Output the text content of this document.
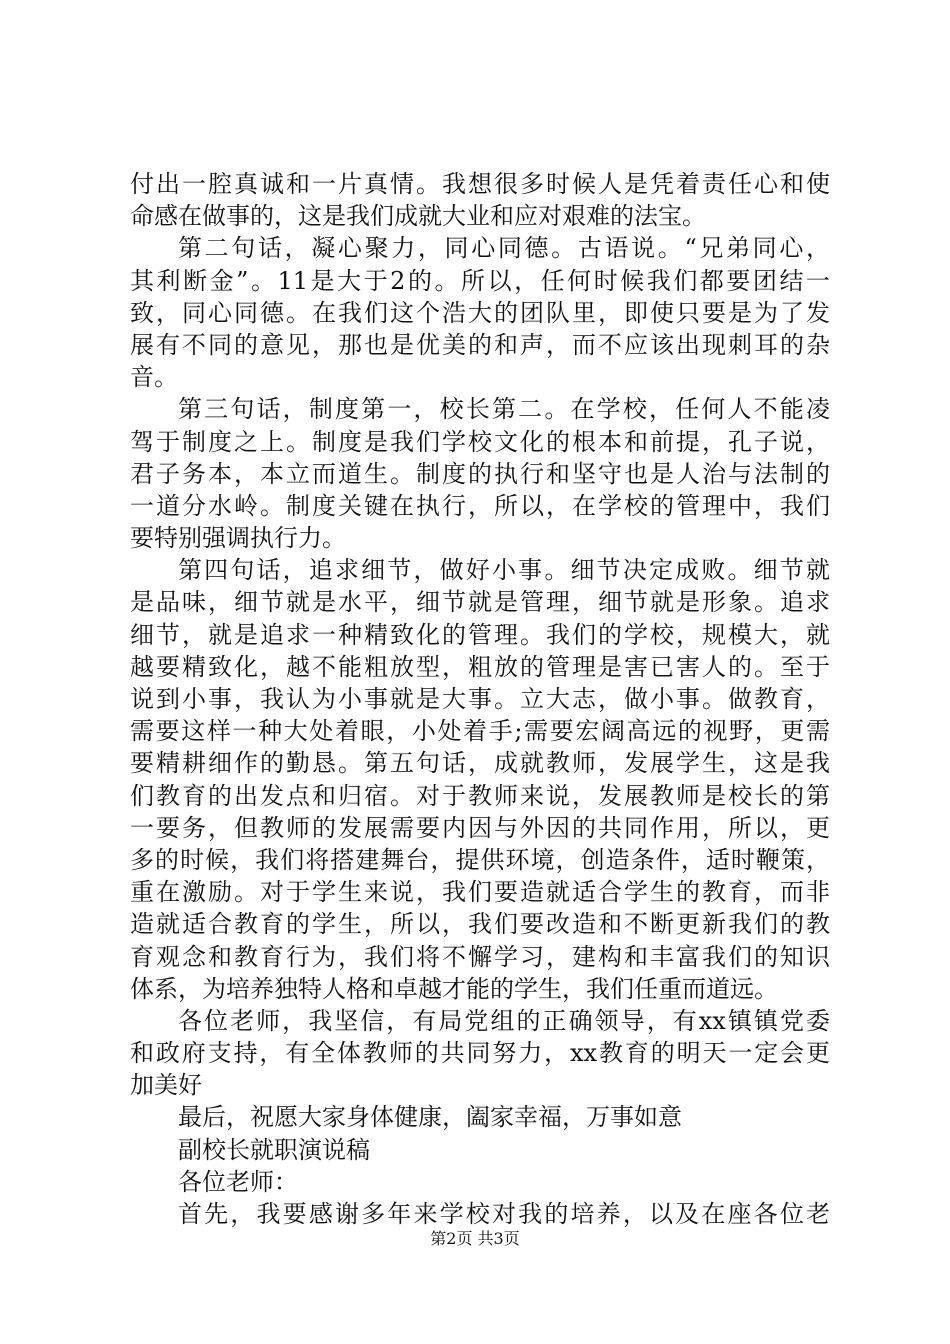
付出一腔真诚和一片真情。我想很多时候人是凭着责任心和使
命感在做事的，这是我们成就大业和应对艰难的法宝。
第二句话，凝心聚力，同心同德。古语说。“兄弟同心，
其利断金”。11是大于2的。所以，任何时候我们都要团结一
致，同心同德。在我们这个浩大的团队里，即使只要是为了发
展有不同的意见，那也是优美的和声，而不应该出现刺耳的杂
音。
第三句话，制度第一，校长第二。在学校，任何人不能凌
驾于制度之上。制度是我们学校文化的根本和前提，孔子说，
君子务本，本立而道生。制度的执行和坚守也是人治与法制的
一道分水岭。制度关键在执行，所以，在学校的管理中，我们
要特别强调执行力。
第四句话，追求细节，做好小事。细节决定成败。细节就
是品味，细节就是水平，细节就是管理，细节就是形象。追求
细节，就是追求一种精致化的管理。我们的学校，规模大，就
越要精致化，越不能粗放型，粗放的管理是害已害人的。至于
说到小事，我认为小事就是大事。立大志，做小事。做教育，
需要这样一种大处着眼，小处着手;需要宏阔高远的视野，更需
要精耕细作的勤恳。第五句话，成就教师，发展学生，这是我
们教育的出发点和归宿。对于教师来说，发展教师是校长的第
一要务，但教师的发展需要内因与外因的共同作用，所以，更
多的时候，我们将搭建舞台，提供环境，创造条件，适时鞭策，
重在激励。对于学生来说，我们要造就适合学生的教育，而非
造就适合教育的学生，所以，我们要改造和不断更新我们的教
育观念和教育行为，我们将不懈学习，建构和丰富我们的知识
体系，为培养独特人格和卓越才能的学生，我们任重而道远。
各位老师，我坚信，有局党组的正确领导，有xx镇镇党委
和政府支持，有全体教师的共同努力，xx教育的明天一定会更
加美好
最后，祝愿大家身体健康，阖家幸福，万事如意
副校长就职演说稿
各位老师：
首先，我要感谢多年来学校对我的培养，以及在座各位老
第2页 共3页
